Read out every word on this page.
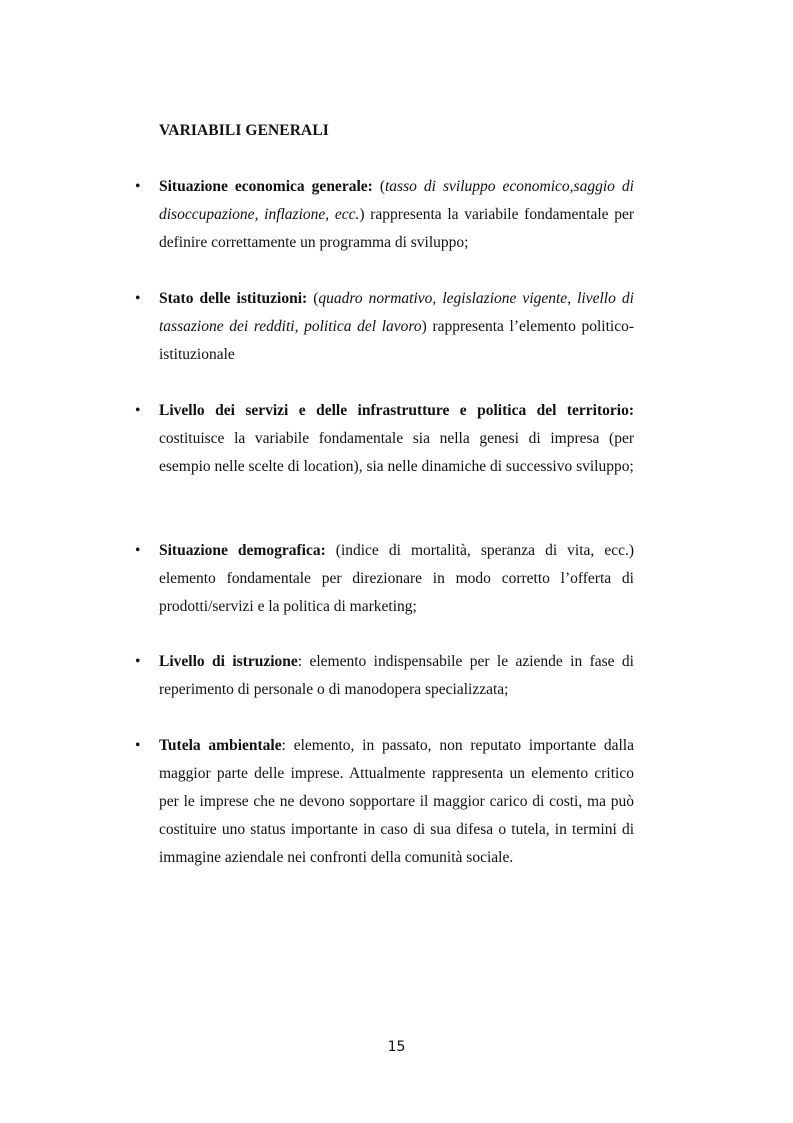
VARIABILI GENERALI
• Situazione economica generale: (tasso di sviluppo economico,saggio di disoccupazione, inflazione, ecc.) rappresenta la variabile fondamentale per definire correttamente un programma di sviluppo;
• Stato delle istituzioni: (quadro normativo, legislazione vigente, livello di tassazione dei redditi, politica del lavoro) rappresenta l’elemento politico-istituzionale
• Livello dei servizi e delle infrastrutture e politica del territorio: costituisce la variabile fondamentale sia nella genesi di impresa (per esempio nelle scelte di location), sia nelle dinamiche di successivo sviluppo;
• Situazione demografica: (indice di mortalità, speranza di vita, ecc.) elemento fondamentale per direzionare in modo corretto l’offerta di prodotti/servizi e la politica di marketing;
• Livello di istruzione: elemento indispensabile per le aziende in fase di reperimento di personale o di manodopera specializzata;
• Tutela ambientale: elemento, in passato, non reputato importante dalla maggior parte delle imprese. Attualmente rappresenta un elemento critico per le imprese che ne devono sopportare il maggior carico di costi, ma può costituire uno status importante in caso di sua difesa o tutela, in termini di immagine aziendale nei confronti della comunità sociale.
15
